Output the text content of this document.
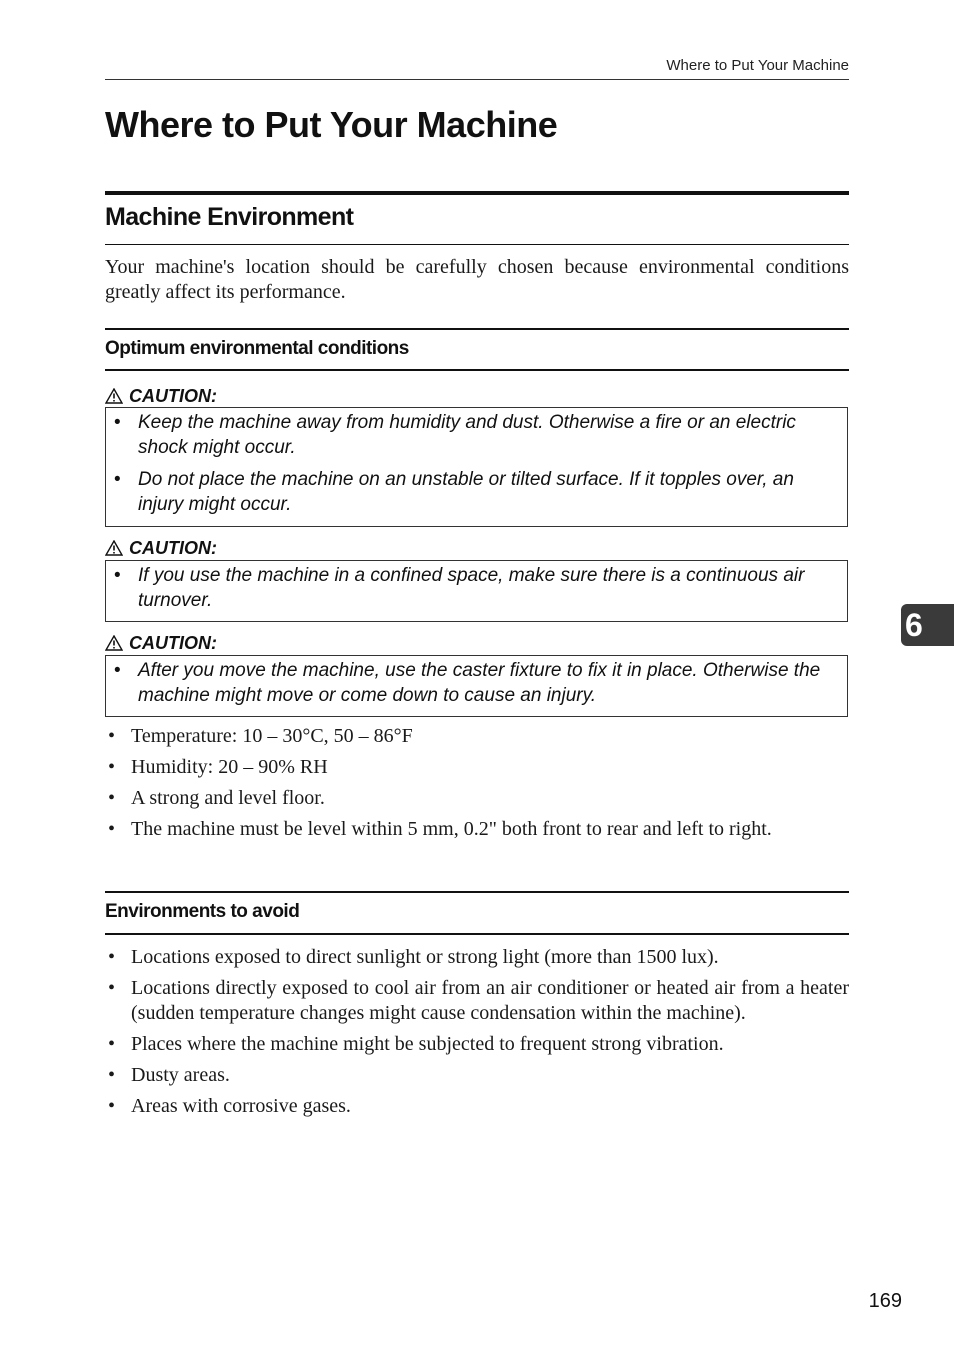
Where to Put Your Machine
Where to Put Your Machine
Machine Environment

Your machine's location should be carefully chosen because environmental conditions greatly affect its performance.

Optimum environmental conditions
CAUTION:
• Keep the machine away from humidity and dust. Otherwise a fire or an electric shock might occur.
• Do not place the machine on an unstable or tilted surface. If it topples over, an injury might occur.
CAUTION:
• If you use the machine in a confined space, make sure there is a continuous air turnover.
CAUTION:
• After you move the machine, use the caster fixture to fix it in place. Otherwise the machine might move or come down to cause an injury.
• Temperature: 10 – 30°C, 50 – 86°F
• Humidity: 20 – 90% RH
• A strong and level floor.
• The machine must be level within 5 mm, 0.2" both front to rear and left to right.
Environments to avoid
• Locations exposed to direct sunlight or strong light (more than 1500 lux).
• Locations directly exposed to cool air from an air conditioner or heated air from a heater (sudden temperature changes might cause condensation within the machine).
• Places where the machine might be subjected to frequent strong vibration.
• Dusty areas.
• Areas with corrosive gases.
6
169
